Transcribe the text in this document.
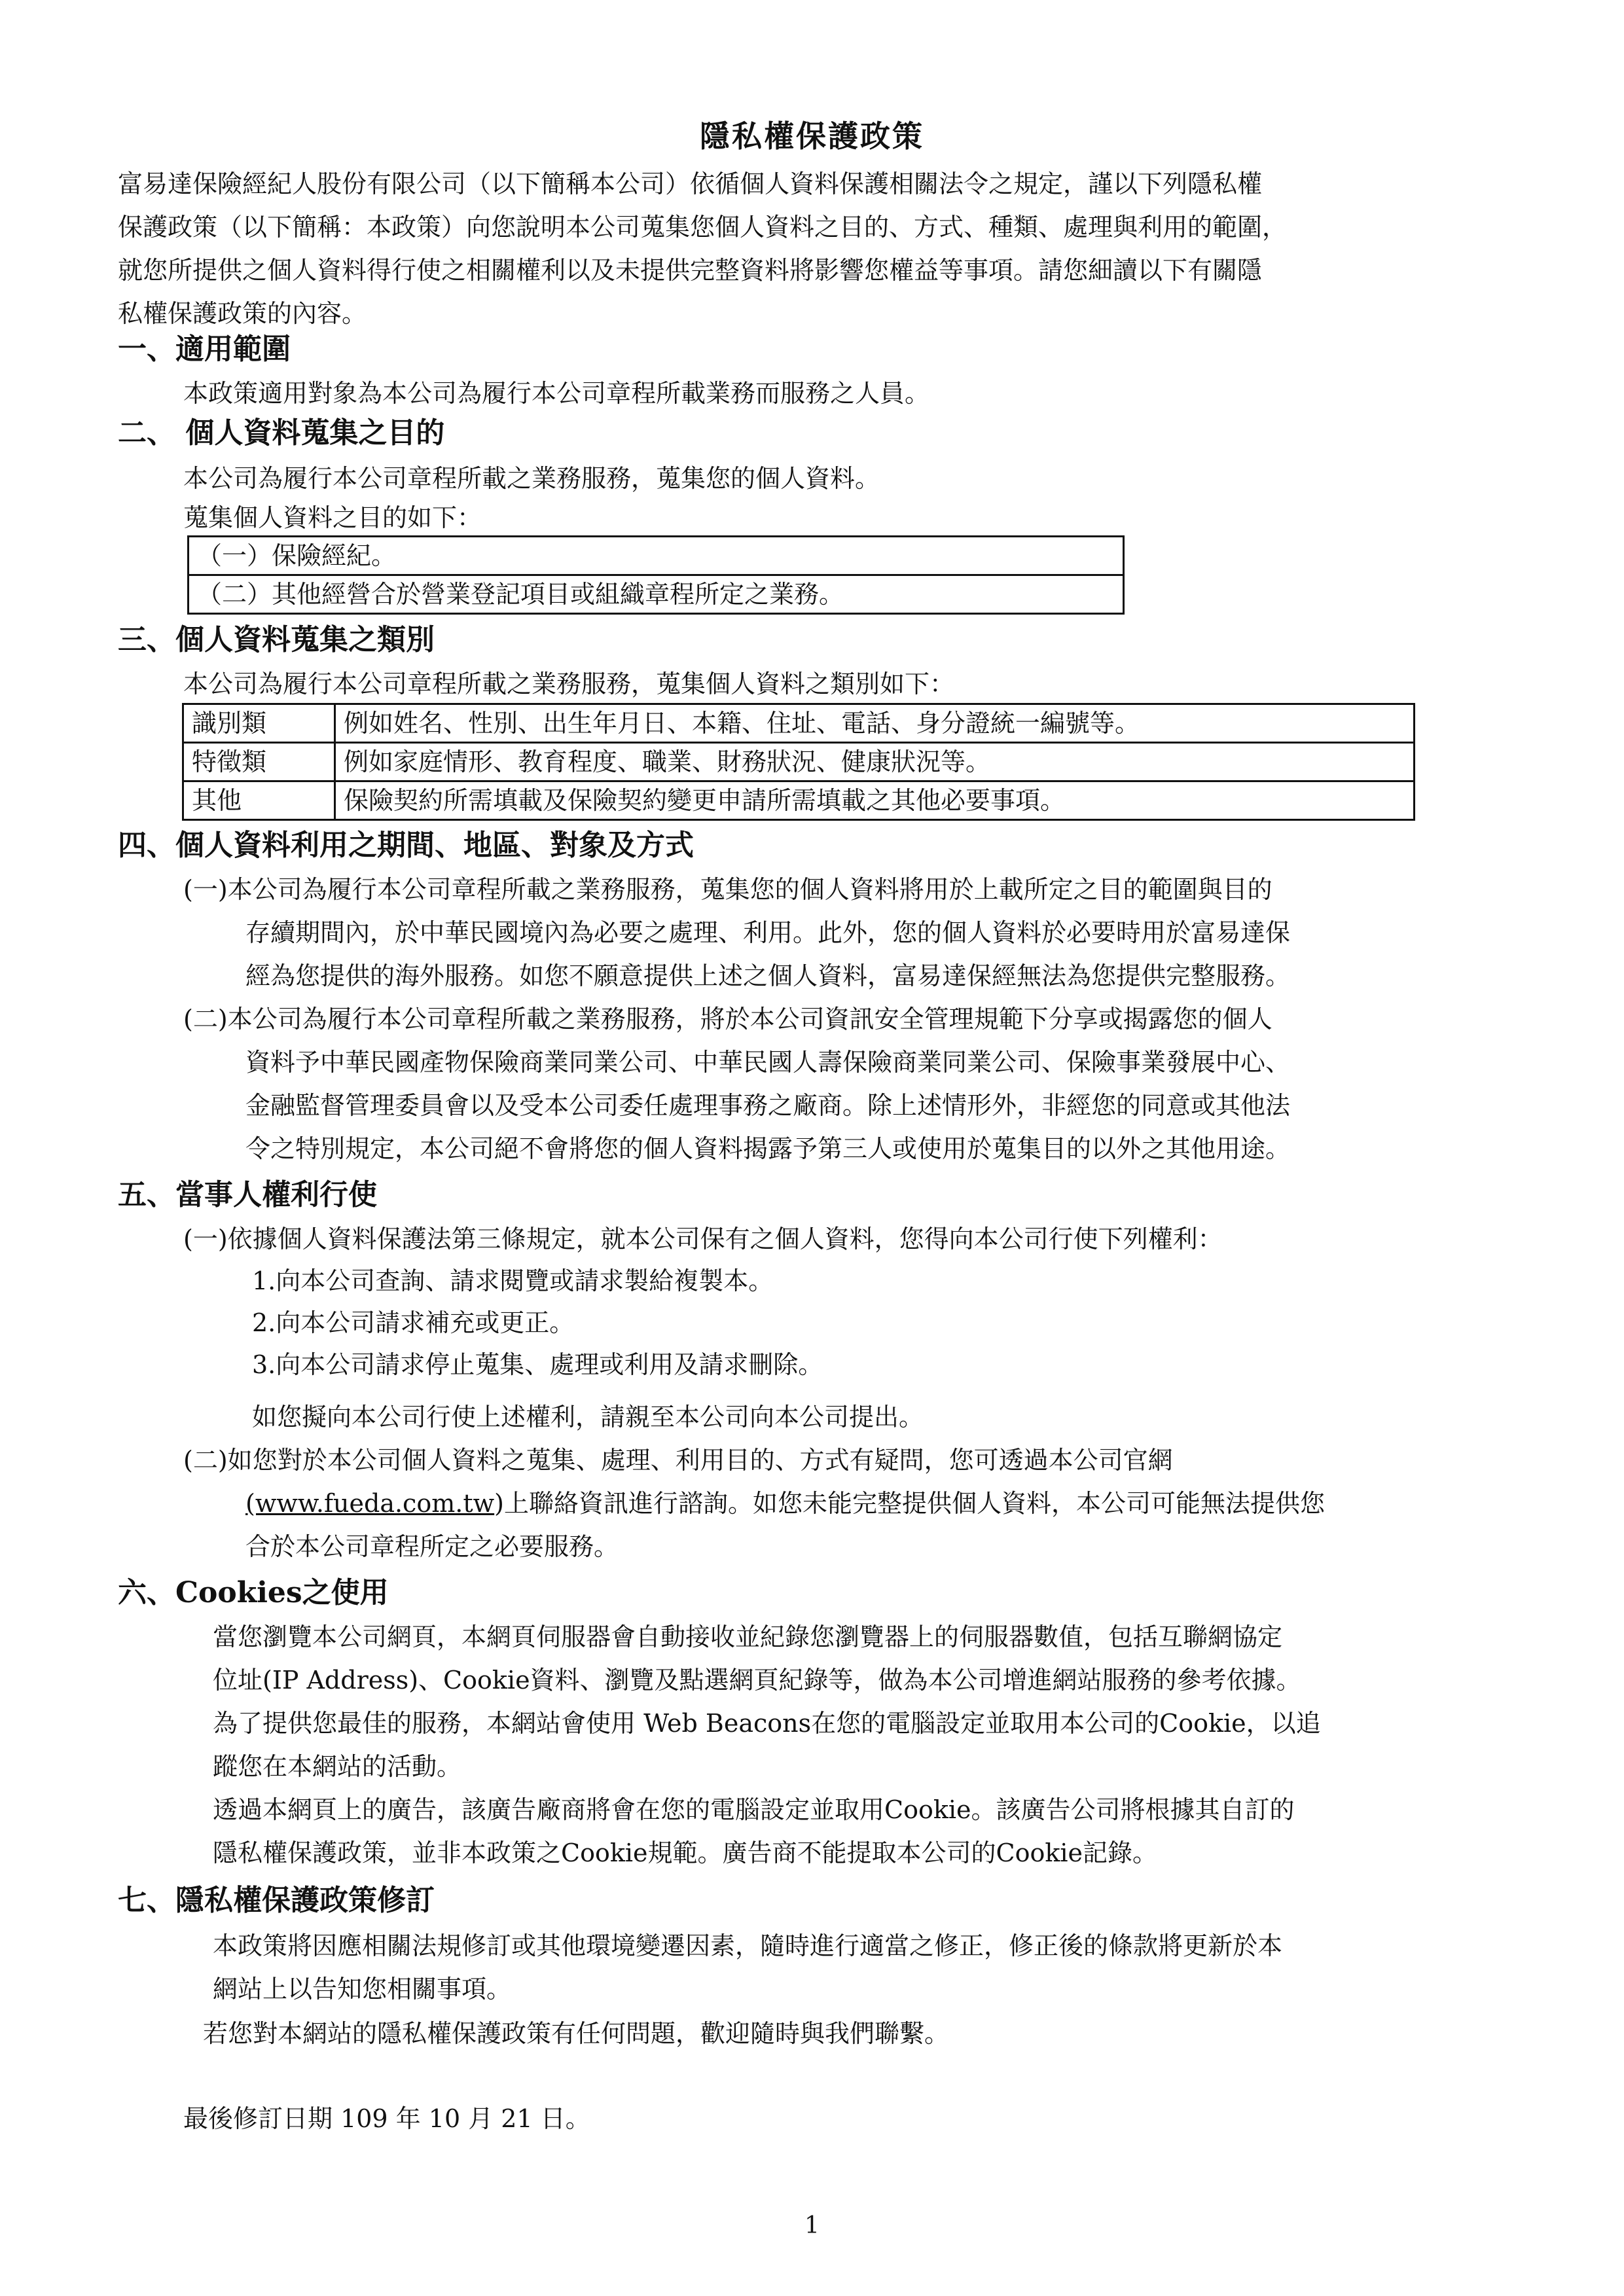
隱私權保護政策
富易達保險經紀人股份有限公司（以下簡稱本公司）依循個人資料保護相關法令之規定，謹以下列隱私權
保護政策（以下簡稱：本政策）向您說明本公司蒐集您個人資料之目的、方式、種類、處理與利用的範圍，
就您所提供之個人資料得行使之相關權利以及未提供完整資料將影響您權益等事項。請您細讀以下有關隱
私權保護政策的內容。
一、適用範圍
本政策適用對象為本公司為履行本公司章程所載業務而服務之人員。
二、 個人資料蒐集之目的
本公司為履行本公司章程所載之業務服務，蒐集您的個人資料。
蒐集個人資料之目的如下：
（一）保險經紀。
（二）其他經營合於營業登記項目或組織章程所定之業務。
三、個人資料蒐集之類別
本公司為履行本公司章程所載之業務服務，蒐集個人資料之類別如下：
識別類	例如姓名、性別、出生年月日、本籍、住址、電話、身分證統一編號等。
特徵類	例如家庭情形、教育程度、職業、財務狀況、健康狀況等。
其他	保險契約所需填載及保險契約變更申請所需填載之其他必要事項。
四、個人資料利用之期間、地區、對象及方式
(一)本公司為履行本公司章程所載之業務服務，蒐集您的個人資料將用於上載所定之目的範圍與目的
存續期間內，於中華民國境內為必要之處理、利用。此外，您的個人資料於必要時用於富易達保
經為您提供的海外服務。如您不願意提供上述之個人資料，富易達保經無法為您提供完整服務。
(二)本公司為履行本公司章程所載之業務服務，將於本公司資訊安全管理規範下分享或揭露您的個人
資料予中華民國產物保險商業同業公司、中華民國人壽保險商業同業公司、保險事業發展中心、
金融監督管理委員會以及受本公司委任處理事務之廠商。除上述情形外，非經您的同意或其他法
令之特別規定，本公司絕不會將您的個人資料揭露予第三人或使用於蒐集目的以外之其他用途。
五、當事人權利行使
(一)依據個人資料保護法第三條規定，就本公司保有之個人資料，您得向本公司行使下列權利：
1.向本公司查詢、請求閱覽或請求製給複製本。
2.向本公司請求補充或更正。
3.向本公司請求停止蒐集、處理或利用及請求刪除。
如您擬向本公司行使上述權利，請親至本公司向本公司提出。
(二)如您對於本公司個人資料之蒐集、處理、利用目的、方式有疑問，您可透過本公司官網
(www.fueda.com.tw)上聯絡資訊進行諮詢。如您未能完整提供個人資料，本公司可能無法提供您
合於本公司章程所定之必要服務。
六、Cookies之使用
當您瀏覽本公司網頁，本網頁伺服器會自動接收並紀錄您瀏覽器上的伺服器數值，包括互聯網協定
位址(IP Address)、Cookie資料、瀏覽及點選網頁紀錄等，做為本公司增進網站服務的參考依據。
為了提供您最佳的服務，本網站會使用 Web Beacons在您的電腦設定並取用本公司的Cookie，以追
蹤您在本網站的活動。
透過本網頁上的廣告，該廣告廠商將會在您的電腦設定並取用Cookie。該廣告公司將根據其自訂的
隱私權保護政策，並非本政策之Cookie規範。廣告商不能提取本公司的Cookie記錄。
七、隱私權保護政策修訂
本政策將因應相關法規修訂或其他環境變遷因素，隨時進行適當之修正，修正後的條款將更新於本
網站上以告知您相關事項。
若您對本網站的隱私權保護政策有任何問題，歡迎隨時與我們聯繫。
最後修訂日期 109 年 10 月 21 日。
1
